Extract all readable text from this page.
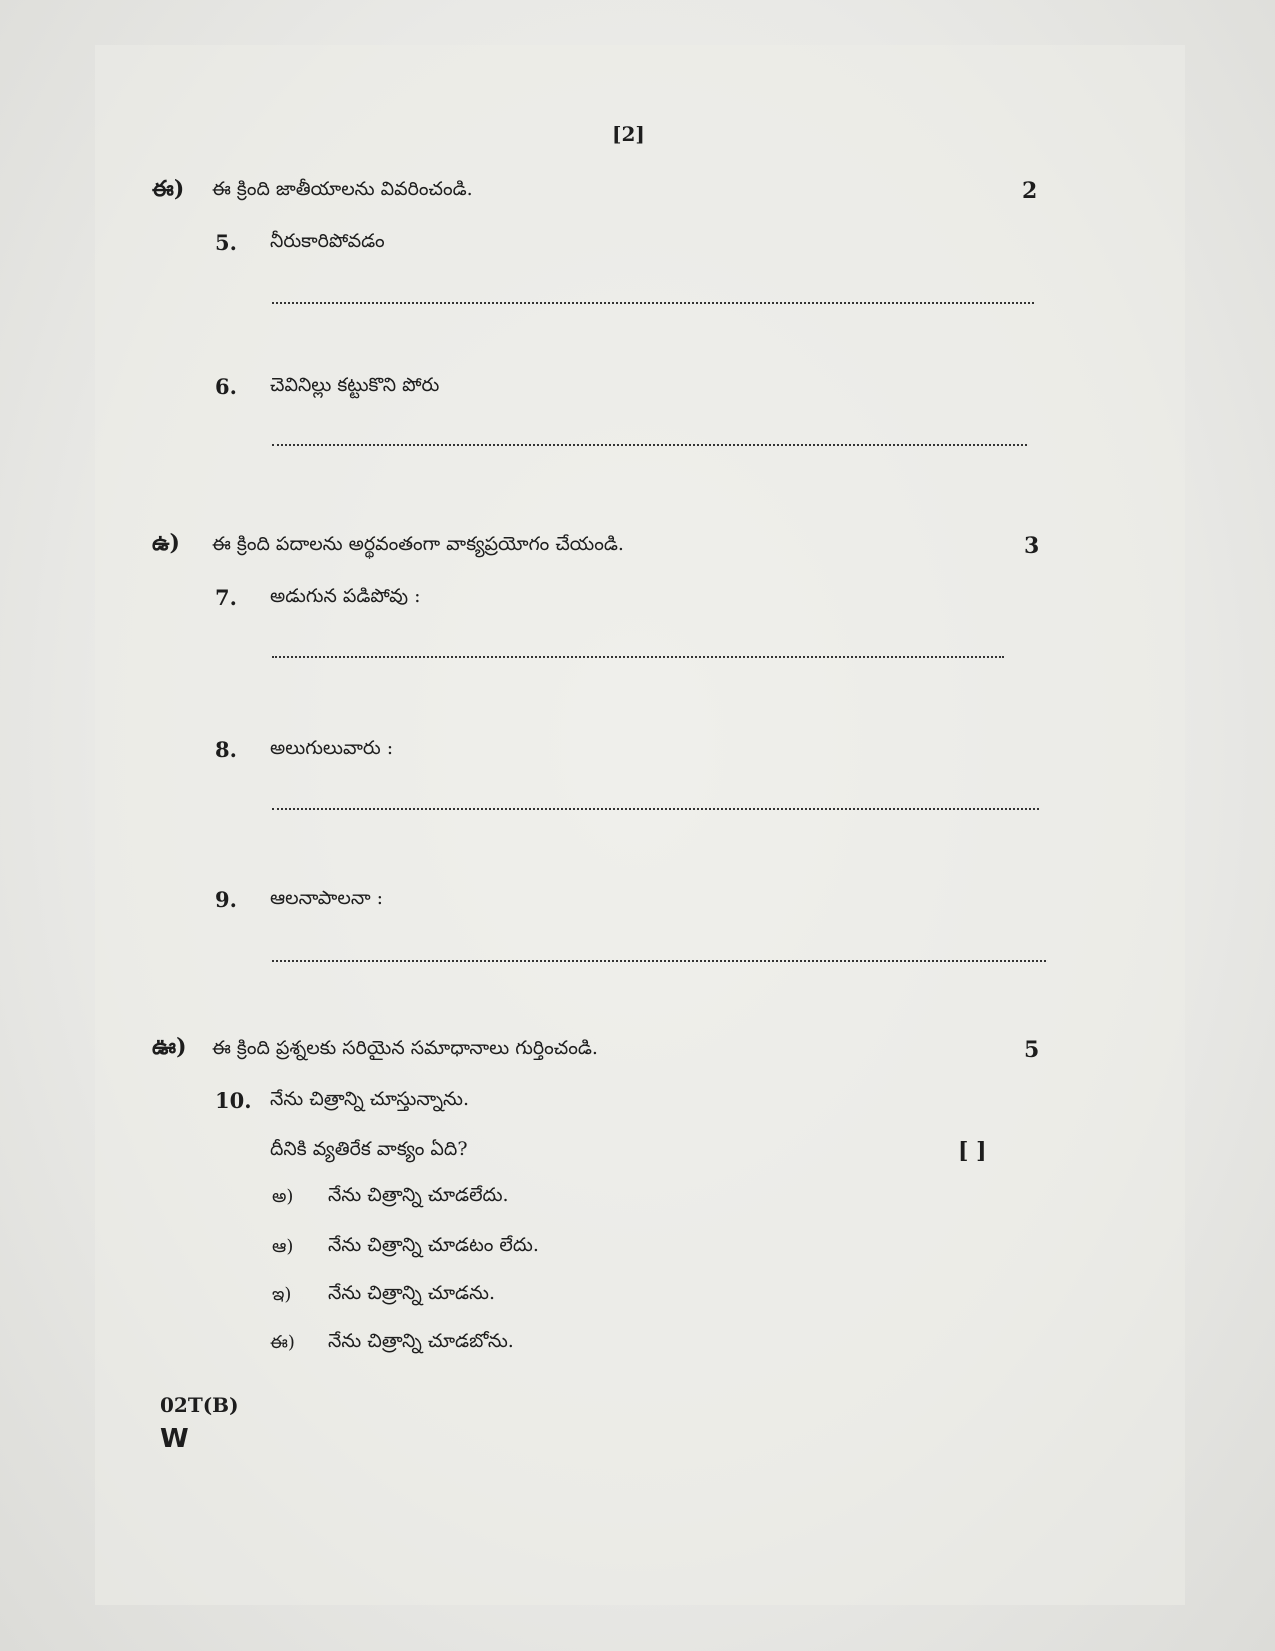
[2]
ఈ) ఈ క్రింది జాతీయాలను వివరించండి.	2
5. నీరుకారిపోవడం
6. చెవినిల్లు కట్టుకొని పోరు
ఉ) ఈ క్రింది పదాలను అర్థవంతంగా వాక్యప్రయోగం చేయండి.	3
7. అడుగున పడిపోవు :
8. అలుగులువారు :
9. ఆలనాపాలనా :
ఊ) ఈ క్రింది ప్రశ్నలకు సరియైన సమాధానాలు గుర్తించండి.	5
10. నేను చిత్రాన్ని చూస్తున్నాను.
దీనికి వ్యతిరేక వాక్యం ఏది?	[ ]
అ) నేను చిత్రాన్ని చూడలేదు.
ఆ) నేను చిత్రాన్ని చూడటం లేదు.
ఇ) నేను చిత్రాన్ని చూడను.
ఈ) నేను చిత్రాన్ని చూడబోను.
02T(B)
W
